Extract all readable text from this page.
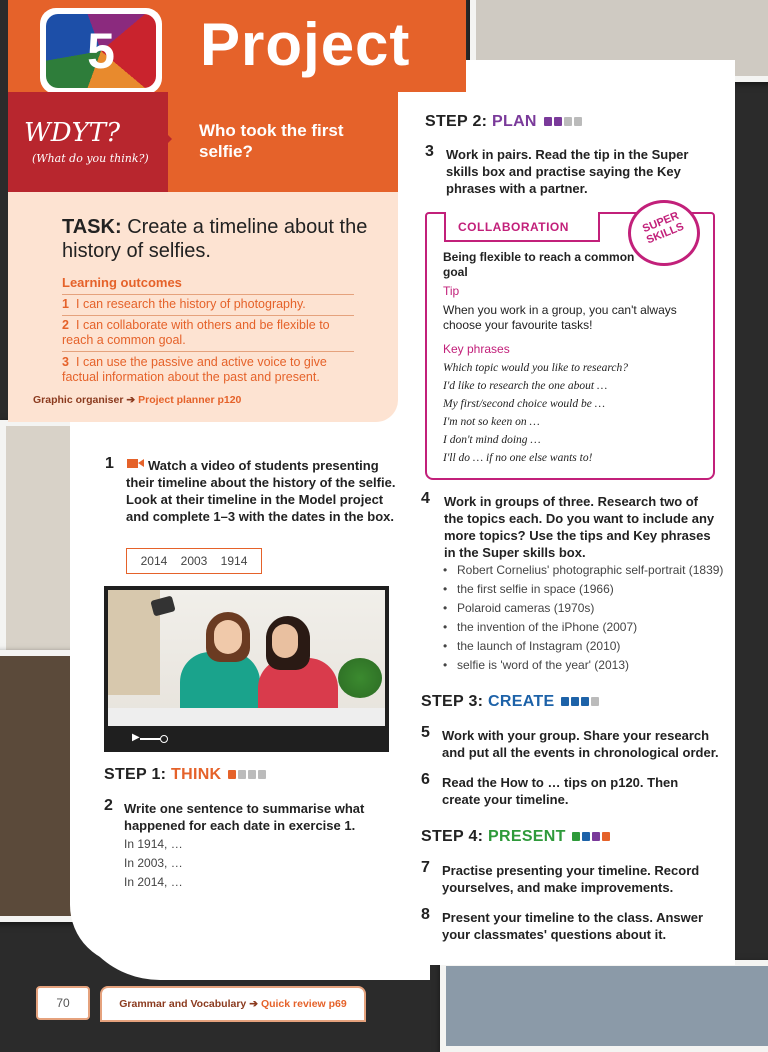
5	Project
WDYT?
(What do you think?)
Who took the first selfie?
TASK: Create a timeline about the history of selfies.
Learning outcomes
1 I can research the history of photography.
2 I can collaborate with others and be flexible to reach a common goal.
3 I can use the passive and active voice to give factual information about the past and present.
Graphic organiser ➔ Project planner p120
1	Watch a video of students presenting their timeline about the history of the selfie. Look at their timeline in the Model project and complete 1–3 with the dates in the box.
2014 2003 1914
▶
STEP 1: THINK
2 Write one sentence to summarise what happened for each date in exercise 1.
In 1914, …
In 2003, …
In 2014, …
STEP 2: PLAN
3 Work in pairs. Read the tip in the Super skills box and practise saying the Key phrases with a partner.
COLLABORATION	SUPER SKILLS
Being flexible to reach a common goal
Tip
When you work in a group, you can't always choose your favourite tasks!
Key phrases
Which topic would you like to research?
I'd like to research the one about …
My first/second choice would be …
I'm not so keen on …
I don't mind doing …
I'll do … if no one else wants to!
4 Work in groups of three. Research two of the topics each. Do you want to include any more topics? Use the tips and Key phrases in the Super skills box.
• Robert Cornelius' photographic self-portrait (1839)
• the first selfie in space (1966)
• Polaroid cameras (1970s)
• the invention of the iPhone (2007)
• the launch of Instagram (2010)
• selfie is 'word of the year' (2013)
STEP 3: CREATE
5 Work with your group. Share your research and put all the events in chronological order.
6 Read the How to … tips on p120. Then create your timeline.
STEP 4: PRESENT
7 Practise presenting your timeline. Record yourselves, and make improvements.
8 Present your timeline to the class. Answer your classmates' questions about it.
70	Grammar and Vocabulary ➔ Quick review p69
